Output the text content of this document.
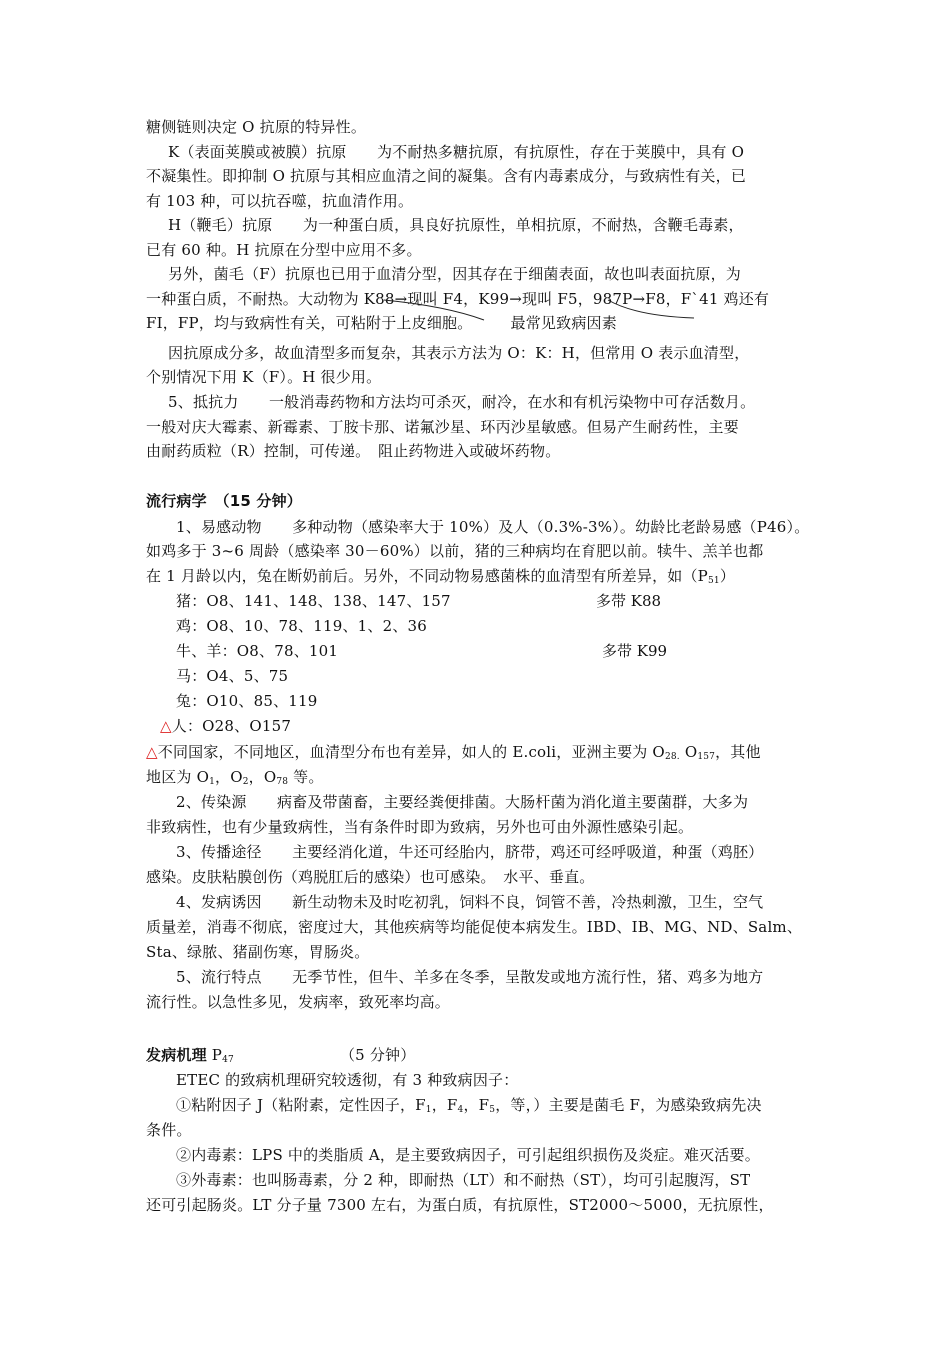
糖侧链则决定 O 抗原的特异性。
K（表面荚膜或被膜）抗原　　为不耐热多糖抗原，有抗原性，存在于荚膜中，具有 O
不凝集性。即抑制 O 抗原与其相应血清之间的凝集。含有内毒素成分，与致病性有关，已
有 103 种，可以抗吞噬，抗血清作用。
H（鞭毛）抗原　　为一种蛋白质，具良好抗原性，单相抗原，不耐热，含鞭毛毒素，
已有 60 种。H 抗原在分型中应用不多。
另外，菌毛（F）抗原也已用于血清分型，因其存在于细菌表面，故也叫表面抗原，为
一种蛋白质，不耐热。大动物为 K88→现叫 F4，K99→现叫 F5，987P→F8，F`41 鸡还有
FI，FP，均与致病性有关，可粘附于上皮细胞。　　　最常见致病因素
因抗原成分多，故血清型多而复杂，其表示方法为 O：K：H，但常用 O 表示血清型，
个别情况下用 K（F）。H 很少用。
5、抵抗力　　一般消毒药物和方法均可杀灭，耐冷，在水和有机污染物中可存活数月。
一般对庆大霉素、新霉素、丁胺卡那、诺氟沙星、环丙沙星敏感。但易产生耐药性，主要
由耐药质粒（R）控制，可传递。　阻止药物进入或破坏药物。
流行病学　（15 分钟）
1、易感动物　　多种动物（感染率大于 10%）及人（0.3%-3%）。幼龄比老龄易感（P46）。
如鸡多于 3~6 周龄（感染率 30－60%）以前，猪的三种病均在育肥以前。犊牛、羔羊也都
在 1 月龄以内，兔在断奶前后。另外，不同动物易感菌株的血清型有所差异，如$(P_{51})$
猪：O8、141、148、138、147、157	多带 K88
鸡：O8、10、78、119、1、2、36
牛、羊：O8、78、101	多带 K99
马：O4、5、75
兔：O10、85、119
△人：O28、O157
△不同国家，不同地区，血清型分布也有差异，如人的 E.coli，亚洲主要为 $O_{28.}$ $O_{157}$，其他
地区为 $O_1$，$O_2$，$O_{78}$ 等。
2、传染源　　病畜及带菌畜，主要经粪便排菌。大肠杆菌为消化道主要菌群，大多为
非致病性，也有少量致病性，当有条件时即为致病，另外也可由外源性感染引起。
3、传播途径　　主要经消化道，牛还可经胎内，脐带，鸡还可经呼吸道，种蛋（鸡胚）
感染。皮肤粘膜创伤（鸡脱肛后的感染）也可感染。　水平、垂直。
4、发病诱因　　新生动物未及时吃初乳，饲料不良，饲管不善，冷热刺激，卫生，空气
质量差，消毒不彻底，密度过大，其他疾病等均能促使本病发生。IBD、IB、MG、ND、Salm、
Sta、绿脓、猪副伤寒，胃肠炎。
5、流行特点　　无季节性，但牛、羊多在冬季，呈散发或地方流行性，猪、鸡多为地方
流行性。以急性多见，发病率，致死率均高。
发病机理 $P_{47}$	（5 分钟）
ETEC 的致病机理研究较透彻，有 3 种致病因子：
①粘附因子 J（粘附素，定性因子，$F_1$，$F_4$，$F_5$，等，）主要是菌毛 F，为感染致病先决
条件。
②内毒素：LPS 中的类脂质 A，是主要致病因子，可引起组织损伤及炎症。难灭活要。
③外毒素：也叫肠毒素，分 2 种，即耐热（LT）和不耐热（ST），均可引起腹泻，ST
还可引起肠炎。LT 分子量 7300 左右，为蛋白质，有抗原性，ST2000～5000，无抗原性，
